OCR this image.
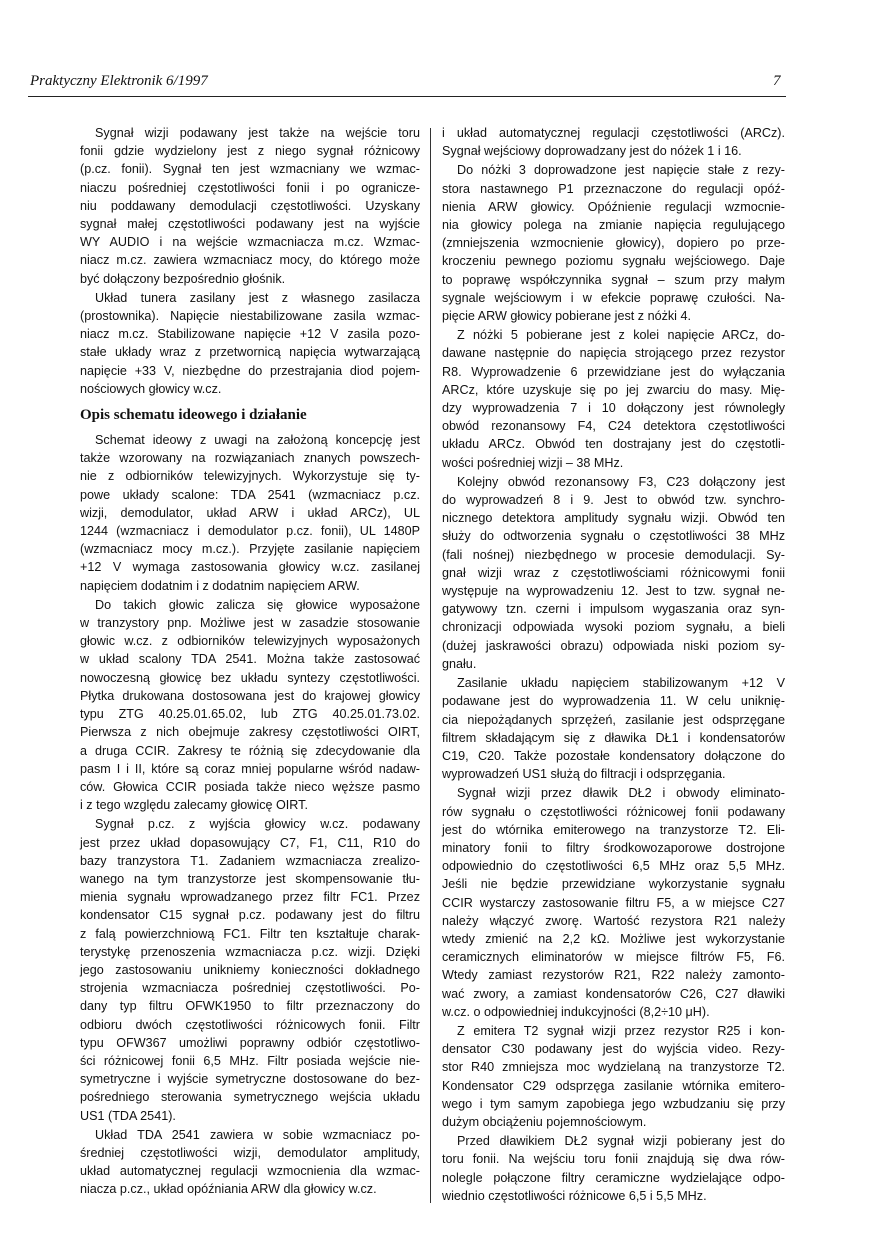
Praktyczny Elektronik 6/1997	7
Sygnał wizji podawany jest także na wejście toru
fonii gdzie wydzielony jest z niego sygnał różnicowy
(p.cz. fonii). Sygnał ten jest wzmacniany we wzmac-
niaczu pośredniej częstotliwości fonii i po ogranicze-
niu poddawany demodulacji częstotliwości. Uzyskany
sygnał małej częstotliwości podawany jest na wyjście
WY AUDIO i na wejście wzmacniacza m.cz. Wzmac-
niacz m.cz. zawiera wzmacniacz mocy, do którego może
być dołączony bezpośrednio głośnik.
Układ tunera zasilany jest z własnego zasilacza
(prostownika). Napięcie niestabilizowane zasila wzmac-
niacz m.cz. Stabilizowane napięcie +12 V zasila pozo-
stałe układy wraz z przetwornicą napięcia wytwarzającą
napięcie +33 V, niezbędne do przestrajania diod pojem-
nościowych głowicy w.cz.
Opis schematu ideowego i działanie
Schemat ideowy z uwagi na założoną koncepcję jest
także wzorowany na rozwiązaniach znanych powszech-
nie z odbiorników telewizyjnych. Wykorzystuje się ty-
powe układy scalone: TDA 2541 (wzmacniacz p.cz.
wizji, demodulator, układ ARW i układ ARCz), UL
1244 (wzmacniacz i demodulator p.cz. fonii), UL 1480P
(wzmacniacz mocy m.cz.). Przyjęte zasilanie napięciem
+12 V wymaga zastosowania głowicy w.cz. zasilanej
napięciem dodatnim i z dodatnim napięciem ARW.
Do takich głowic zalicza się głowice wyposażone
w tranzystory pnp. Możliwe jest w zasadzie stosowanie
głowic w.cz. z odbiorników telewizyjnych wyposażonych
w układ scalony TDA 2541. Można także zastosować
nowoczesną głowicę bez układu syntezy częstotliwości.
Płytka drukowana dostosowana jest do krajowej głowicy
typu ZTG 40.25.01.65.02, lub ZTG 40.25.01.73.02.
Pierwsza z nich obejmuje zakresy częstotliwości OIRT,
a druga CCIR. Zakresy te różnią się zdecydowanie dla
pasm I i II, które są coraz mniej popularne wśród nadaw-
ców. Głowica CCIR posiada także nieco węższe pasmo
i z tego względu zalecamy głowicę OIRT.
Sygnał p.cz. z wyjścia głowicy w.cz. podawany
jest przez układ dopasowujący C7, F1, C11, R10 do
bazy tranzystora T1. Zadaniem wzmacniacza zrealizo-
wanego na tym tranzystorze jest skompensowanie tłu-
mienia sygnału wprowadzanego przez filtr FC1. Przez
kondensator C15 sygnał p.cz. podawany jest do filtru
z falą powierzchniową FC1. Filtr ten kształtuje charak-
terystykę przenoszenia wzmacniacza p.cz. wizji. Dzięki
jego zastosowaniu unikniemy konieczności dokładnego
strojenia wzmacniacza pośredniej częstotliwości. Po-
dany typ filtru OFWK1950 to filtr przeznaczony do
odbioru dwóch częstotliwości różnicowych fonii. Filtr
typu OFW367 umożliwi poprawny odbiór częstotliwo-
ści różnicowej fonii 6,5 MHz. Filtr posiada wejście nie-
symetryczne i wyjście symetryczne dostosowane do bez-
pośredniego sterowania symetrycznego wejścia układu
US1 (TDA 2541).
Układ TDA 2541 zawiera w sobie wzmacniacz po-
średniej częstotliwości wizji, demodulator amplitudy,
układ automatycznej regulacji wzmocnienia dla wzmac-
niacza p.cz., układ opóźniania ARW dla głowicy w.cz.
i układ automatycznej regulacji częstotliwości (ARCz).
Sygnał wejściowy doprowadzany jest do nóżek 1 i 16.
Do nóżki 3 doprowadzone jest napięcie stałe z rezy-
stora nastawnego P1 przeznaczone do regulacji opóź-
nienia ARW głowicy. Opóźnienie regulacji wzmocnie-
nia głowicy polega na zmianie napięcia regulującego
(zmniejszenia wzmocnienie głowicy), dopiero po prze-
kroczeniu pewnego poziomu sygnału wejściowego. Daje
to poprawę współczynnika sygnał – szum przy małym
sygnale wejściowym i w efekcie poprawę czułości. Na-
pięcie ARW głowicy pobierane jest z nóżki 4.
Z nóżki 5 pobierane jest z kolei napięcie ARCz, do-
dawane następnie do napięcia strojącego przez rezystor
R8. Wyprowadzenie 6 przewidziane jest do wyłączania
ARCz, które uzyskuje się po jej zwarciu do masy. Mię-
dzy wyprowadzenia 7 i 10 dołączony jest równoległy
obwód rezonansowy F4, C24 detektora częstotliwości
układu ARCz. Obwód ten dostrajany jest do częstotli-
wości pośredniej wizji – 38 MHz.
Kolejny obwód rezonansowy F3, C23 dołączony jest
do wyprowadzeń 8 i 9. Jest to obwód tzw. synchro-
nicznego detektora amplitudy sygnału wizji. Obwód ten
służy do odtworzenia sygnału o częstotliwości 38 MHz
(fali nośnej) niezbędnego w procesie demodulacji. Sy-
gnał wizji wraz z częstotliwościami różnicowymi fonii
występuje na wyprowadzeniu 12. Jest to tzw. sygnał ne-
gatywowy tzn. czerni i impulsom wygaszania oraz syn-
chronizacji odpowiada wysoki poziom sygnału, a bieli
(dużej jaskrawości obrazu) odpowiada niski poziom sy-
gnału.
Zasilanie układu napięciem stabilizowanym +12 V
podawane jest do wyprowadzenia 11. W celu uniknię-
cia niepożądanych sprzężeń, zasilanie jest odsprzęgane
filtrem składającym się z dławika DŁ1 i kondensatorów
C19, C20. Także pozostałe kondensatory dołączone do
wyprowadzeń US1 służą do filtracji i odsprzęgania.
Sygnał wizji przez dławik DŁ2 i obwody eliminato-
rów sygnału o częstotliwości różnicowej fonii podawany
jest do wtórnika emiterowego na tranzystorze T2. Eli-
minatory fonii to filtry środkowozaporowe dostrojone
odpowiednio do częstotliwości 6,5 MHz oraz 5,5 MHz.
Jeśli nie będzie przewidziane wykorzystanie sygnału
CCIR wystarczy zastosowanie filtru F5, a w miejsce C27
należy włączyć zworę. Wartość rezystora R21 należy
wtedy zmienić na 2,2 kΩ. Możliwe jest wykorzystanie
ceramicznych eliminatorów w miejsce filtrów F5, F6.
Wtedy zamiast rezystorów R21, R22 należy zamonto-
wać zwory, a zamiast kondensatorów C26, C27 dławiki
w.cz. o odpowiedniej indukcyjności (8,2÷10 μH).
Z emitera T2 sygnał wizji przez rezystor R25 i kon-
densator C30 podawany jest do wyjścia video. Rezy-
stor R40 zmniejsza moc wydzielaną na tranzystorze T2.
Kondensator C29 odsprzęga zasilanie wtórnika emitero-
wego i tym samym zapobiega jego wzbudzaniu się przy
dużym obciążeniu pojemnościowym.
Przed dławikiem DŁ2 sygnał wizji pobierany jest do
toru fonii. Na wejściu toru fonii znajdują się dwa rów-
nolegle połączone filtry ceramiczne wydzielające odpo-
wiednio częstotliwości różnicowe 6,5 i 5,5 MHz.
